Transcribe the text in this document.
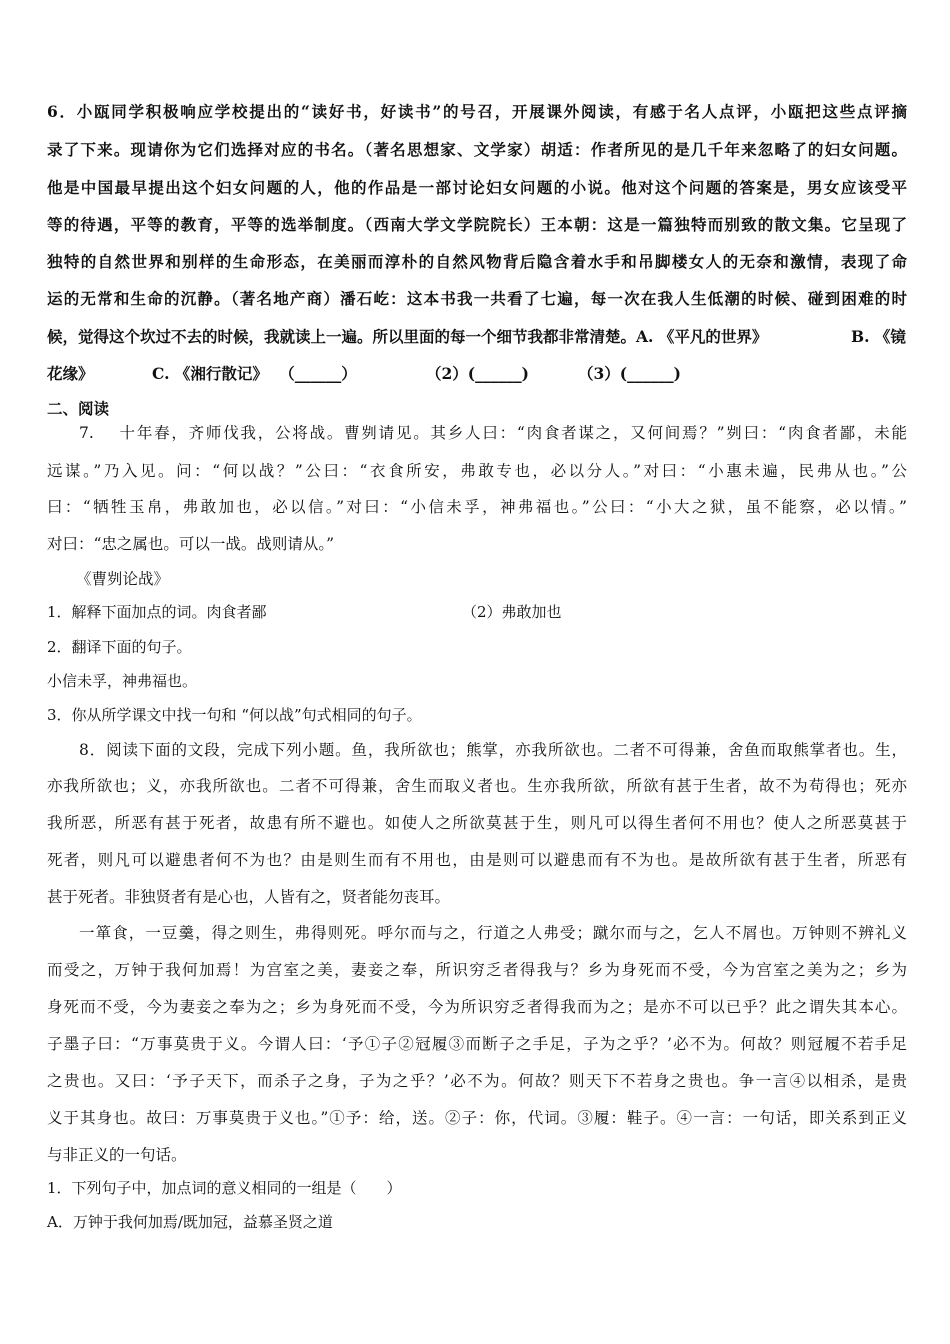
6．小瓯同学积极响应学校提出的“读好书，好读书”的号召，开展课外阅读，有感于名人点评，小瓯把这些点评摘
录了下来。现请你为它们选择对应的书名。（著名思想家、文学家）胡适：作者所见的是几千年来忽略了的妇女问题。
他是中国最早提出这个妇女问题的人，他的作品是一部讨论妇女问题的小说。他对这个问题的答案是，男女应该受平
等的待遇，平等的教育，平等的选举制度。（西南大学文学院院长）王本朝：这是一篇独特而别致的散文集。它呈现了
独特的自然世界和别样的生命形态，在美丽而淳朴的自然风物背后隐含着水手和吊脚楼女人的无奈和激情，表现了命
运的无常和生命的沉静。（著名地产商）潘石屹：这本书我一共看了七遍，每一次在我人生低潮的时候、碰到困难的时
候，觉得这个坎过不去的时候，我就读上一遍。所以里面的每一个细节我都非常清楚。A. 《平凡的世界》	B. 《镜
花缘》	C. 《湘行散记》 （______）	（2）(______)	（3）(______)
二、阅读
7.　 十年春，齐师伐我，公将战。曹刿请见。其乡人曰：“肉食者谋之，又何间焉？”刿曰：“肉食者鄙，未能
远谋。”乃入见。问：“何以战？”公曰：“衣食所安，弗敢专也，必以分人。”对曰：“小惠未遍，民弗从也。”公
曰：“牺牲玉帛，弗敢加也，必以信。”对曰：“小信未孚，神弗福也。”公曰：“小大之狱，虽不能察，必以情。”
对曰：“忠之属也。可以一战。战则请从。”
《曹刿论战》
1．解释下面加点的词。肉食者鄙	（2）弗敢加也
2．翻译下面的句子。
小信未孚，神弗福也。
3．你从所学课文中找一句和 “何以战”句式相同的句子。
8．阅读下面的文段，完成下列小题。鱼，我所欲也；熊掌，亦我所欲也。二者不可得兼，舍鱼而取熊掌者也。生，
亦我所欲也；义，亦我所欲也。二者不可得兼，舍生而取义者也。生亦我所欲，所欲有甚于生者，故不为苟得也；死亦
我所恶，所恶有甚于死者，故患有所不避也。如使人之所欲莫甚于生，则凡可以得生者何不用也？使人之所恶莫甚于
死者，则凡可以避患者何不为也？由是则生而有不用也，由是则可以避患而有不为也。是故所欲有甚于生者，所恶有
甚于死者。非独贤者有是心也，人皆有之，贤者能勿丧耳。
一箪食，一豆羹，得之则生，弗得则死。呼尔而与之，行道之人弗受；蹴尔而与之，乞人不屑也。万钟则不辨礼义
而受之，万钟于我何加焉！为宫室之美，妻妾之奉，所识穷乏者得我与？乡为身死而不受，今为宫室之美为之；乡为
身死而不受，今为妻妾之奉为之；乡为身死而不受，今为所识穷乏者得我而为之；是亦不可以已乎？此之谓失其本心。
子墨子曰：“万事莫贵于义。今谓人曰：‘予①子②冠履③而断子之手足，子为之乎？’必不为。何故？则冠履不若手足
之贵也。又曰：‘予子天下，而杀子之身，子为之乎？’必不为。何故？则天下不若身之贵也。争一言④以相杀，是贵
义于其身也。故曰：万事莫贵于义也。”①予：给，送。②子：你，代词。③履：鞋子。④一言：一句话，即关系到正义
与非正义的一句话。
1．下列句子中，加点词的意义相同的一组是（　　）
A．万钟于我何加焉/既加冠，益慕圣贤之道
